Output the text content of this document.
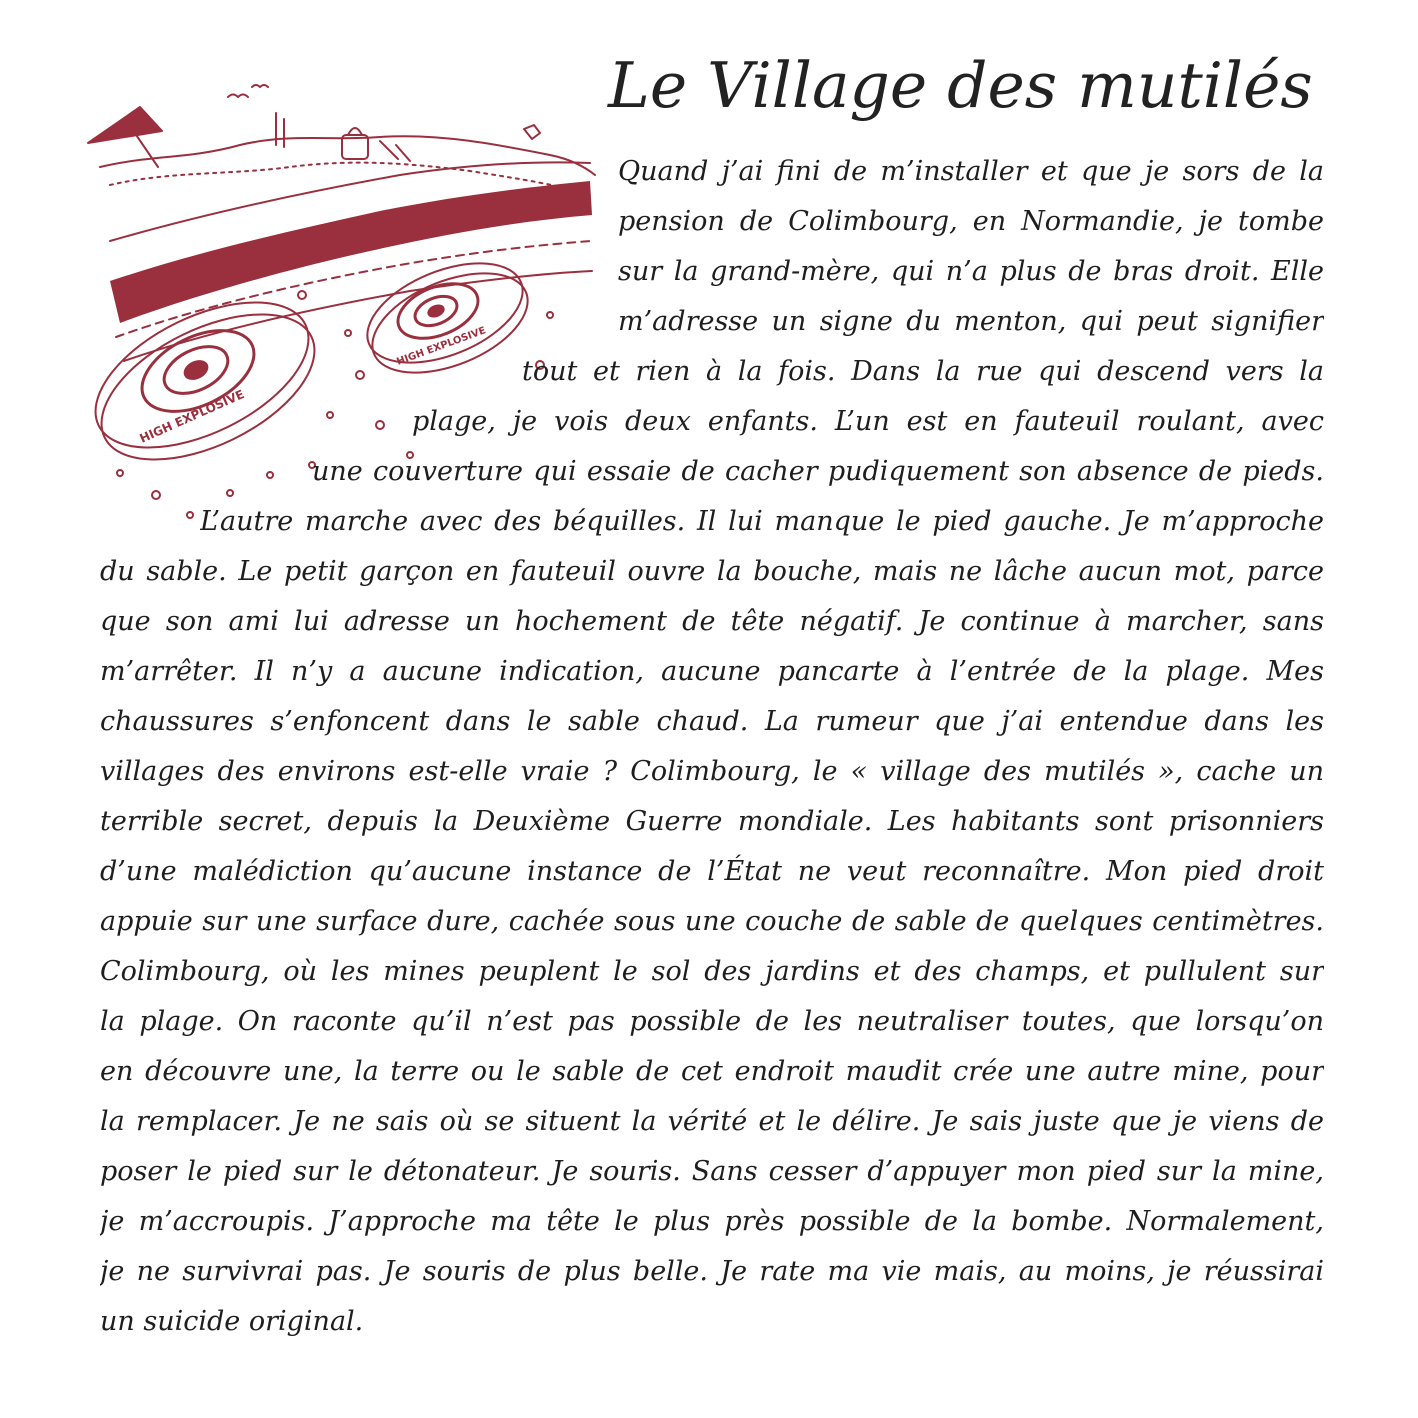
Le Village des mutilés
HIGH EXPLOSIVE
HIGH EXPLOSIVE

Quand j’ai fini de m’installer et que je sors de la

pension de Colimbourg, en Normandie, je tombe

sur la grand-mère, qui n’a plus de bras droit. Elle

m’adresse un signe du menton, qui peut signifier

tout et rien à la fois. Dans la rue qui descend vers la

plage, je vois deux enfants. L’un est en fauteuil roulant, avec

une couverture qui essaie de cacher pudiquement son absence de pieds.

L’autre marche avec des béquilles. Il lui manque le pied gauche. Je m’approche

du sable. Le petit garçon en fauteuil ouvre la bouche, mais ne lâche aucun mot, parce

que son ami lui adresse un hochement de tête négatif. Je continue à marcher, sans

m’arrêter. Il n’y a aucune indication, aucune pancarte à l’entrée de la plage. Mes

chaussures s’enfoncent dans le sable chaud. La rumeur que j’ai entendue dans les

villages des environs est-elle vraie ? Colimbourg, le « village des mutilés », cache un

terrible secret, depuis la Deuxième Guerre mondiale. Les habitants sont prisonniers

d’une malédiction qu’aucune instance de l’État ne veut reconnaître. Mon pied droit

appuie sur une surface dure, cachée sous une couche de sable de quelques centimètres.

Colimbourg, où les mines peuplent le sol des jardins et des champs, et pullulent sur

la plage. On raconte qu’il n’est pas possible de les neutraliser toutes, que lorsqu’on

en découvre une, la terre ou le sable de cet endroit maudit crée une autre mine, pour

la remplacer. Je ne sais où se situent la vérité et le délire. Je sais juste que je viens de

poser le pied sur le détonateur. Je souris. Sans cesser d’appuyer mon pied sur la mine,

je m’accroupis. J’approche ma tête le plus près possible de la bombe. Normalement,

je ne survivrai pas. Je souris de plus belle. Je rate ma vie mais, au moins, je réussirai

un suicide original.
